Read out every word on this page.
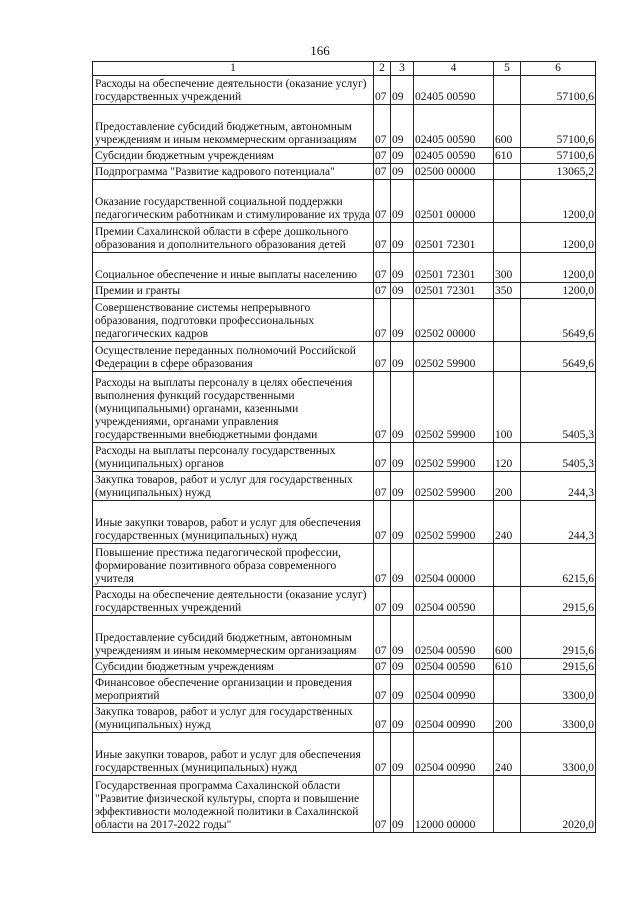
166
1	2	3	4	5	6
Расходы на обеспечение деятельности (оказание услуг) государственных учреждений	07	09	02405 00590		57100,6
Предоставление субсидий бюджетным, автономным учреждениям и иным некоммерческим организациям	07	09	02405 00590	600	57100,6
Субсидии бюджетным учреждениям	07	09	02405 00590	610	57100,6
Подпрограмма "Развитие кадрового потенциала"	07	09	02500 00000		13065,2
Оказание государственной социальной поддержки педагогическим работникам и стимулирование их труда	07	09	02501 00000		1200,0
Премии Сахалинской области в сфере дошкольного образования и дополнительного образования детей	07	09	02501 72301		1200,0
Социальное обеспечение и иные выплаты населению	07	09	02501 72301	300	1200,0
Премии и гранты	07	09	02501 72301	350	1200,0
Совершенствование системы непрерывного образования, подготовки профессиональных педагогических кадров	07	09	02502 00000		5649,6
Осуществление переданных полномочий Российской Федерации в сфере образования	07	09	02502 59900		5649,6
Расходы на выплаты персоналу в целях обеспечения выполнения функций государственными (муниципальными) органами, казенными учреждениями, органами управления государственными внебюджетными фондами	07	09	02502 59900	100	5405,3
Расходы на выплаты персоналу государственных (муниципальных) органов	07	09	02502 59900	120	5405,3
Закупка товаров, работ и услуг для государственных (муниципальных) нужд	07	09	02502 59900	200	244,3
Иные закупки товаров, работ и услуг для обеспечения государственных (муниципальных) нужд	07	09	02502 59900	240	244,3
Повышение престижа педагогической профессии, формирование позитивного образа современного учителя	07	09	02504 00000		6215,6
Расходы на обеспечение деятельности (оказание услуг) государственных учреждений	07	09	02504 00590		2915,6
Предоставление субсидий бюджетным, автономным учреждениям и иным некоммерческим организациям	07	09	02504 00590	600	2915,6
Субсидии бюджетным учреждениям	07	09	02504 00590	610	2915,6
Финансовое обеспечение организации и проведения мероприятий	07	09	02504 00990		3300,0
Закупка товаров, работ и услуг для государственных (муниципальных) нужд	07	09	02504 00990	200	3300,0
Иные закупки товаров, работ и услуг для обеспечения государственных (муниципальных) нужд	07	09	02504 00990	240	3300,0
Государственная программа Сахалинской области "Развитие физической культуры, спорта и повышение эффективности молодежной политики в Сахалинской области на 2017-2022 годы"	07	09	12000 00000		2020,0
